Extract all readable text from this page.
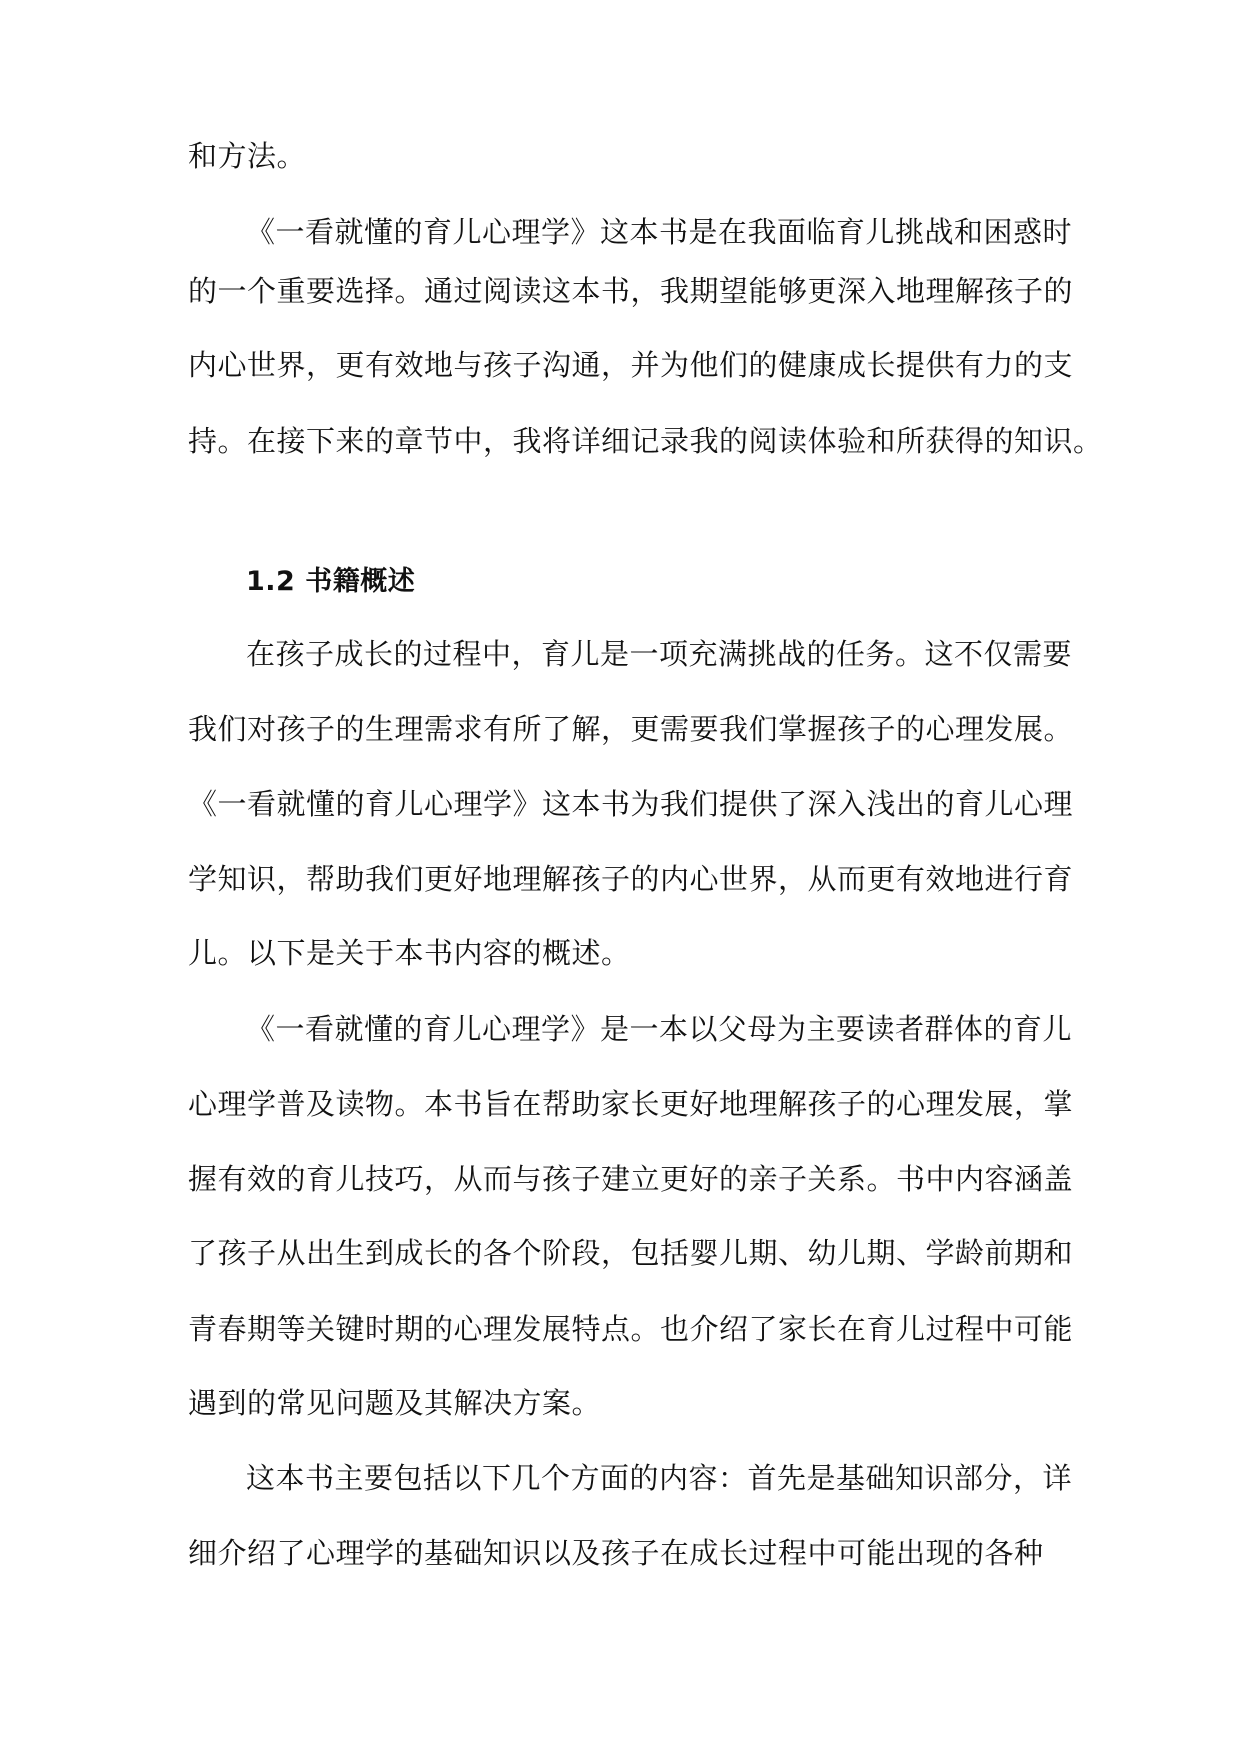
和方法。
《一看就懂的育儿心理学》这本书是在我面临育儿挑战和困惑时
的一个重要选择。通过阅读这本书，我期望能够更深入地理解孩子的
内心世界，更有效地与孩子沟通，并为他们的健康成长提供有力的支
持。在接下来的章节中，我将详细记录我的阅读体验和所获得的知识。
1.2 书籍概述
在孩子成长的过程中，育儿是一项充满挑战的任务。这不仅需要
我们对孩子的生理需求有所了解，更需要我们掌握孩子的心理发展。
《一看就懂的育儿心理学》这本书为我们提供了深入浅出的育儿心理
学知识，帮助我们更好地理解孩子的内心世界，从而更有效地进行育
儿。以下是关于本书内容的概述。
《一看就懂的育儿心理学》是一本以父母为主要读者群体的育儿
心理学普及读物。本书旨在帮助家长更好地理解孩子的心理发展，掌
握有效的育儿技巧，从而与孩子建立更好的亲子关系。书中内容涵盖
了孩子从出生到成长的各个阶段，包括婴儿期、幼儿期、学龄前期和
青春期等关键时期的心理发展特点。也介绍了家长在育儿过程中可能
遇到的常见问题及其解决方案。
这本书主要包括以下几个方面的内容：首先是基础知识部分，详
细介绍了心理学的基础知识以及孩子在成长过程中可能出现的各种
